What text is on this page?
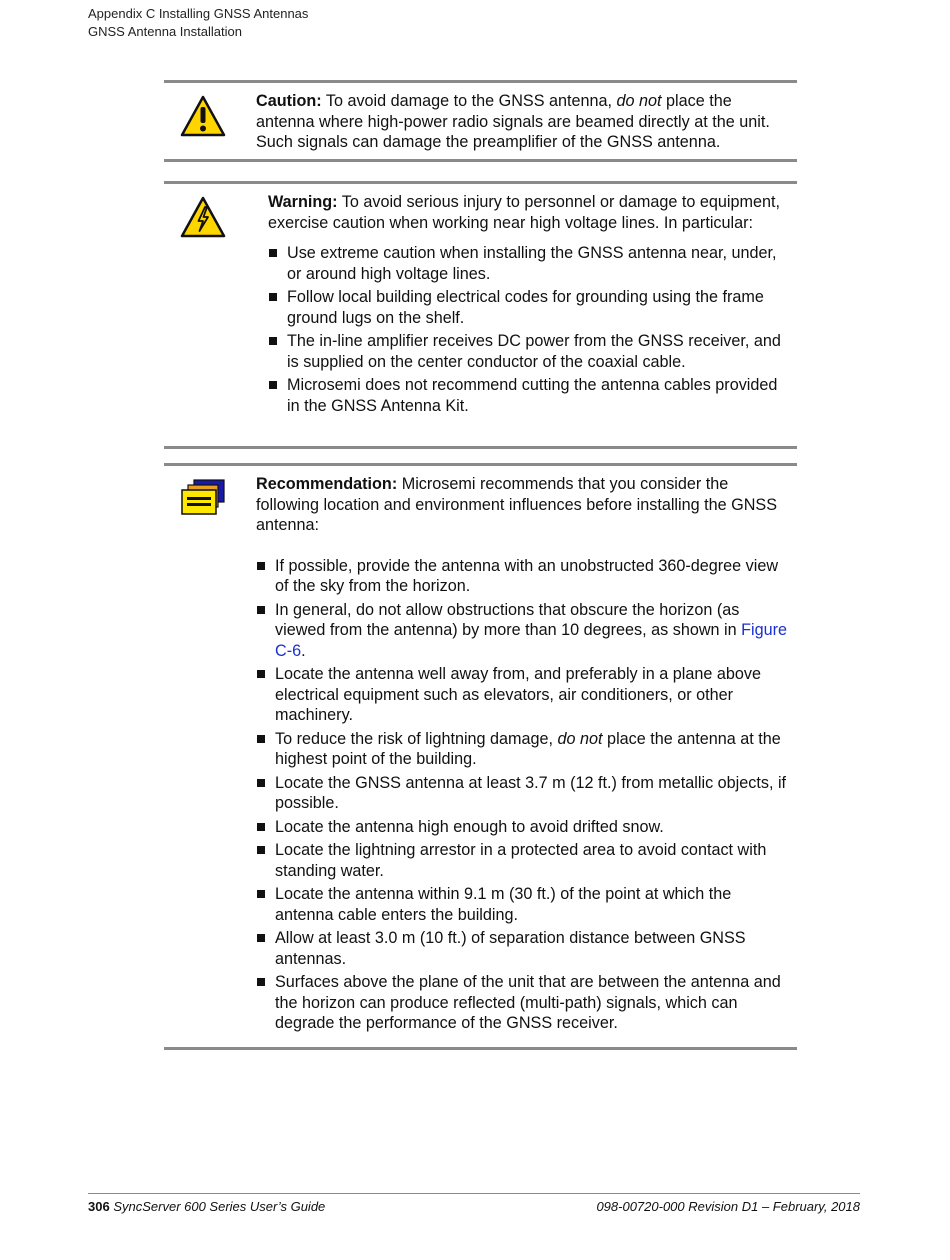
Appendix C Installing GNSS Antennas
GNSS Antenna Installation

Caution: To avoid damage to the GNSS antenna, do not place the antenna where high-power radio signals are beamed directly at the unit. Such signals can damage the preamplifier of the GNSS antenna.

Warning: To avoid serious injury to personnel or damage to equipment, exercise caution when working near high voltage lines. In particular:

Use extreme caution when installing the GNSS antenna near, under, or around high voltage lines.
Follow local building electrical codes for grounding using the frame ground lugs on the shelf.
The in-line amplifier receives DC power from the GNSS receiver, and is supplied on the center conductor of the coaxial cable.
Microsemi does not recommend cutting the antenna cables provided in the GNSS Antenna Kit.

Recommendation: Microsemi recommends that you consider the following location and environment influences before installing the GNSS antenna:

If possible, provide the antenna with an unobstructed 360-degree view of the sky from the horizon.
In general, do not allow obstructions that obscure the horizon (as viewed from the antenna) by more than 10 degrees, as shown in Figure C-6.
Locate the antenna well away from, and preferably in a plane above electrical equipment such as elevators, air conditioners, or other machinery.
To reduce the risk of lightning damage, do not place the antenna at the highest point of the building.
Locate the GNSS antenna at least 3.7 m (12 ft.) from metallic objects, if possible.
Locate the antenna high enough to avoid drifted snow.
Locate the lightning arrestor in a protected area to avoid contact with standing water.
Locate the antenna within 9.1 m (30 ft.) of the point at which the antenna cable enters the building.
Allow at least 3.0 m (10 ft.) of separation distance between GNSS antennas.
Surfaces above the plane of the unit that are between the antenna and the horizon can produce reflected (multi-path) signals, which can degrade the performance of the GNSS receiver.
306 SyncServer 600 Series User’s Guide	098-00720-000 Revision D1 – February, 2018
